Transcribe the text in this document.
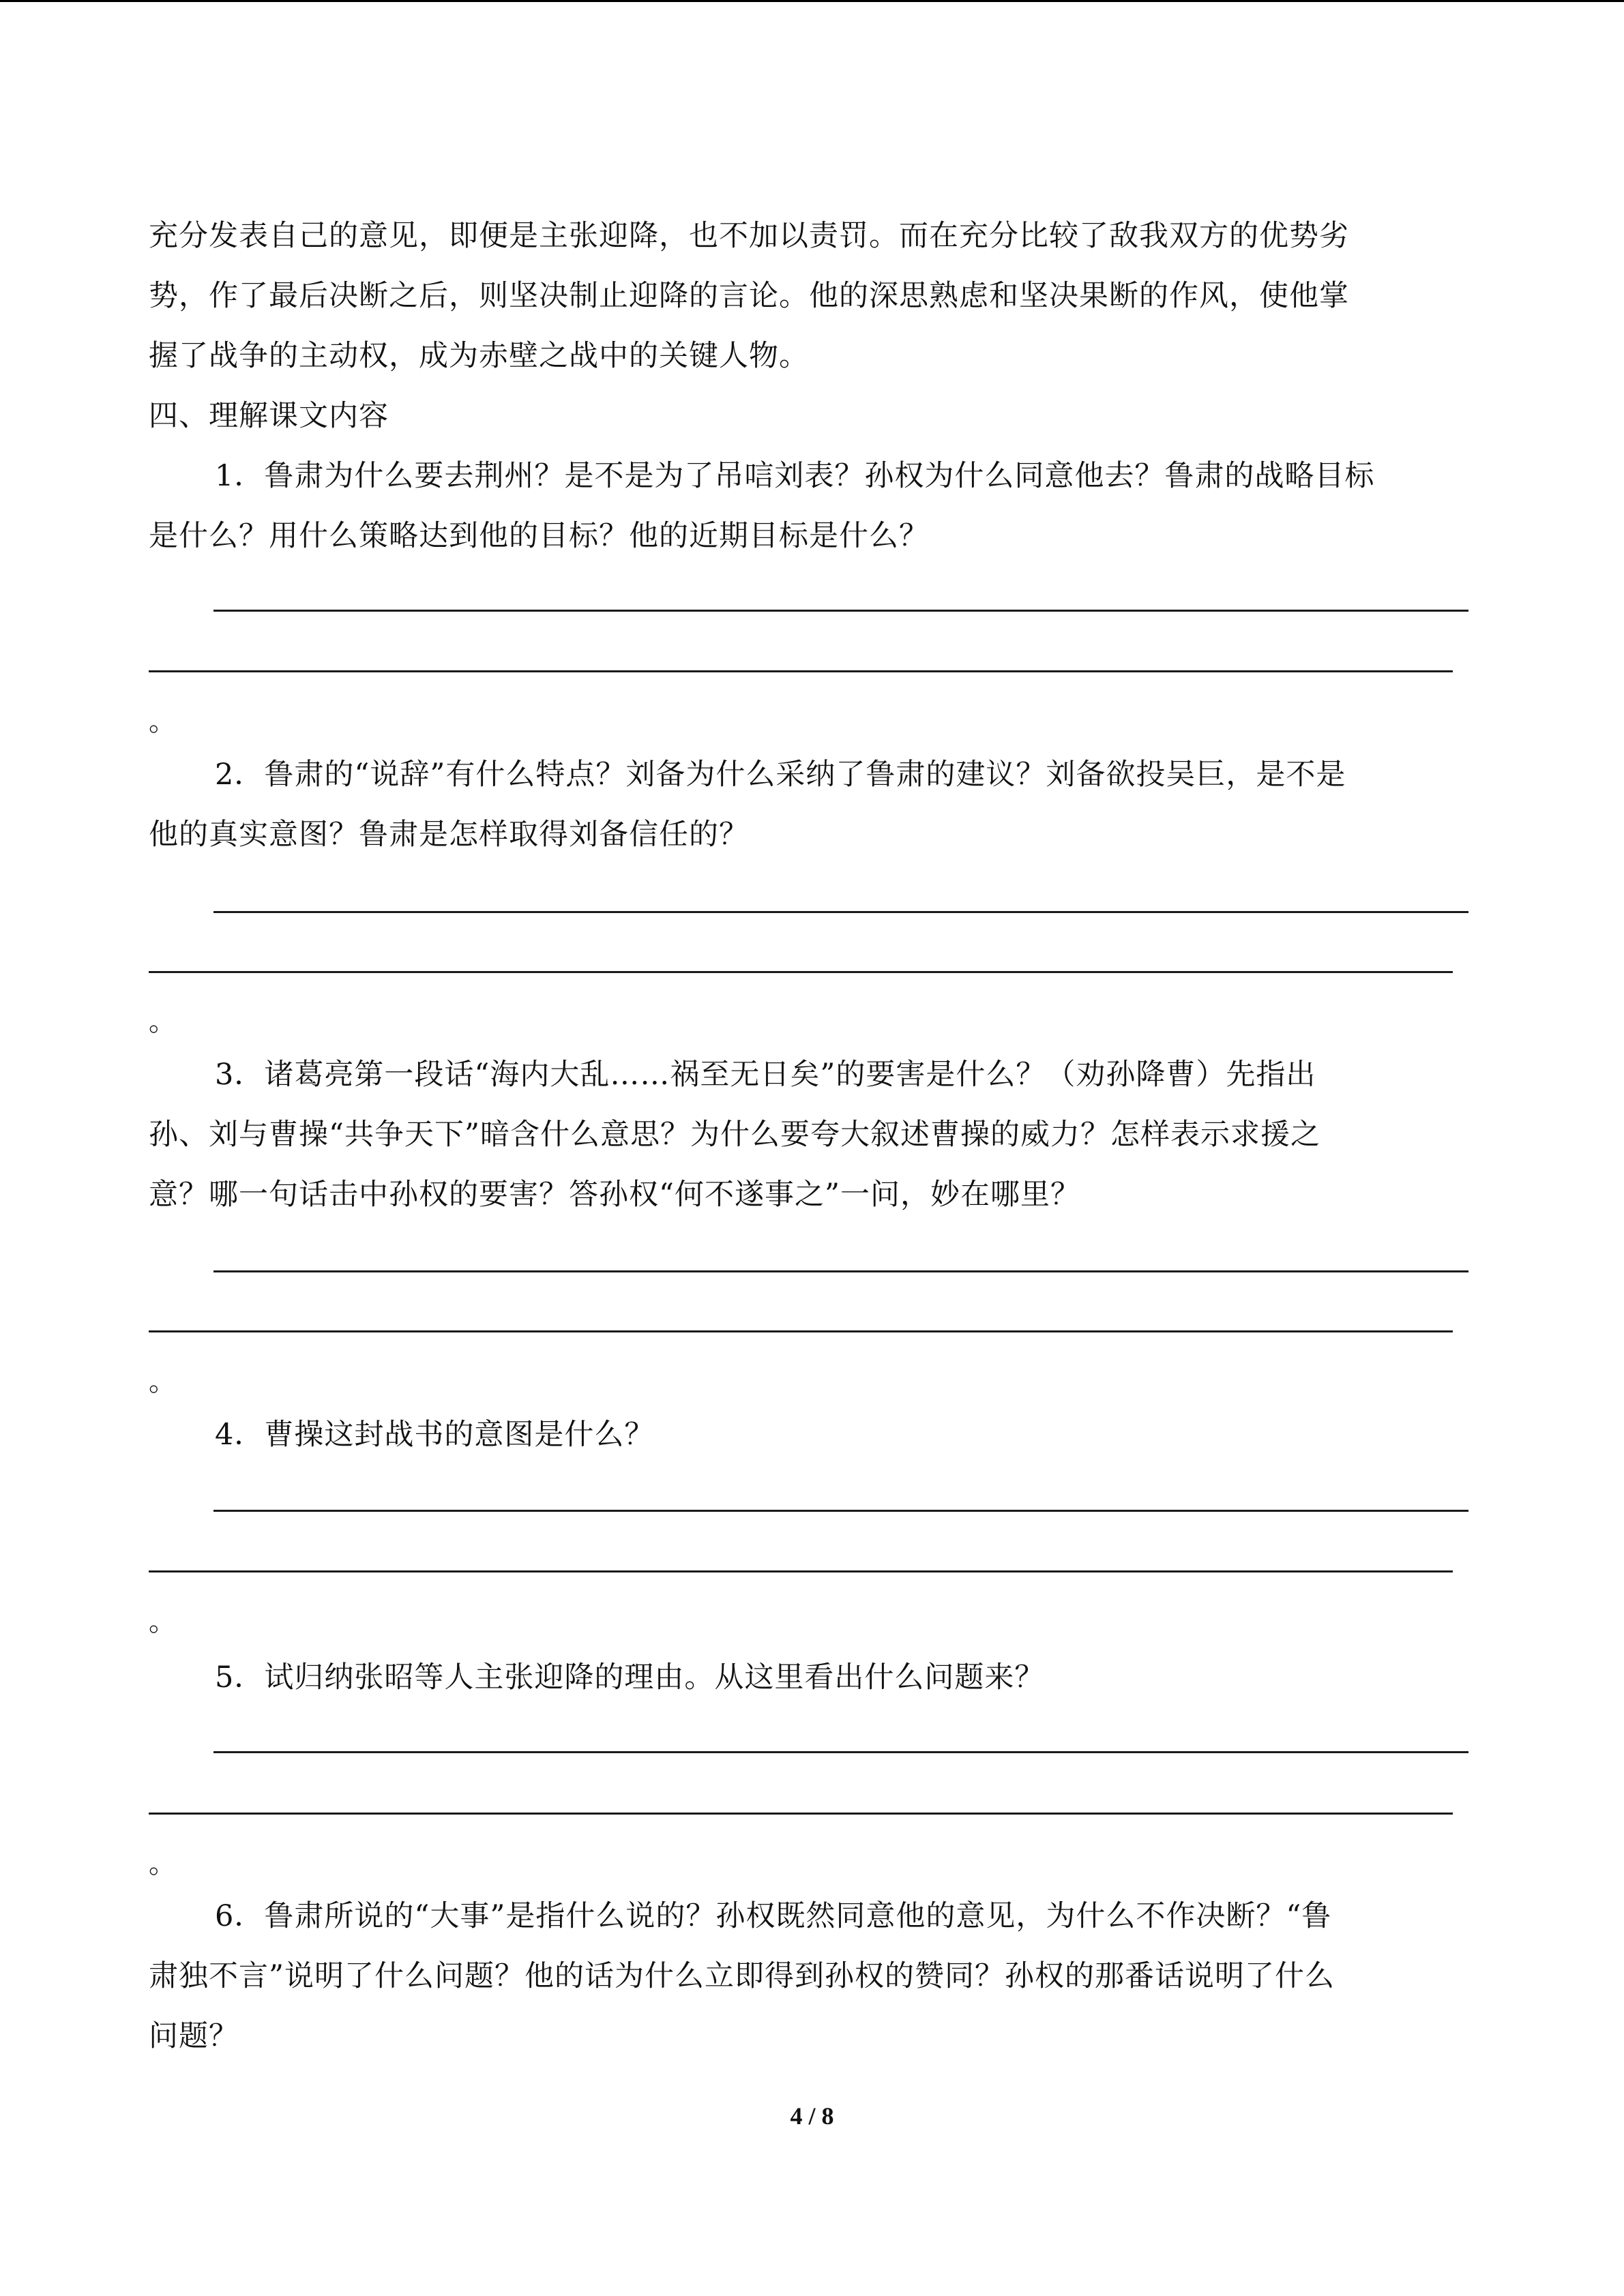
充分发表自己的意见，即便是主张迎降，也不加以责罚。而在充分比较了敌我双方的优势劣
势，作了最后决断之后，则坚决制止迎降的言论。他的深思熟虑和坚决果断的作风，使他掌
握了战争的主动权，成为赤壁之战中的关键人物。
四、理解课文内容
1．鲁肃为什么要去荆州？是不是为了吊唁刘表？孙权为什么同意他去？鲁肃的战略目标
是什么？用什么策略达到他的目标？他的近期目标是什么？
。
2．鲁肃的“说辞”有什么特点？刘备为什么采纳了鲁肃的建议？刘备欲投吴巨，是不是
他的真实意图？鲁肃是怎样取得刘备信任的？
。
3．诸葛亮第一段话“海内大乱……祸至无日矣”的要害是什么？（劝孙降曹）先指出
孙、刘与曹操“共争天下”暗含什么意思？为什么要夸大叙述曹操的威力？怎样表示求援之
意？哪一句话击中孙权的要害？答孙权“何不遂事之”一问，妙在哪里？
。
4．曹操这封战书的意图是什么？
。
5．试归纳张昭等人主张迎降的理由。从这里看出什么问题来？
。
6．鲁肃所说的“大事”是指什么说的？孙权既然同意他的意见，为什么不作决断？“鲁
肃独不言”说明了什么问题？他的话为什么立即得到孙权的赞同？孙权的那番话说明了什么
问题？
4 / 8
